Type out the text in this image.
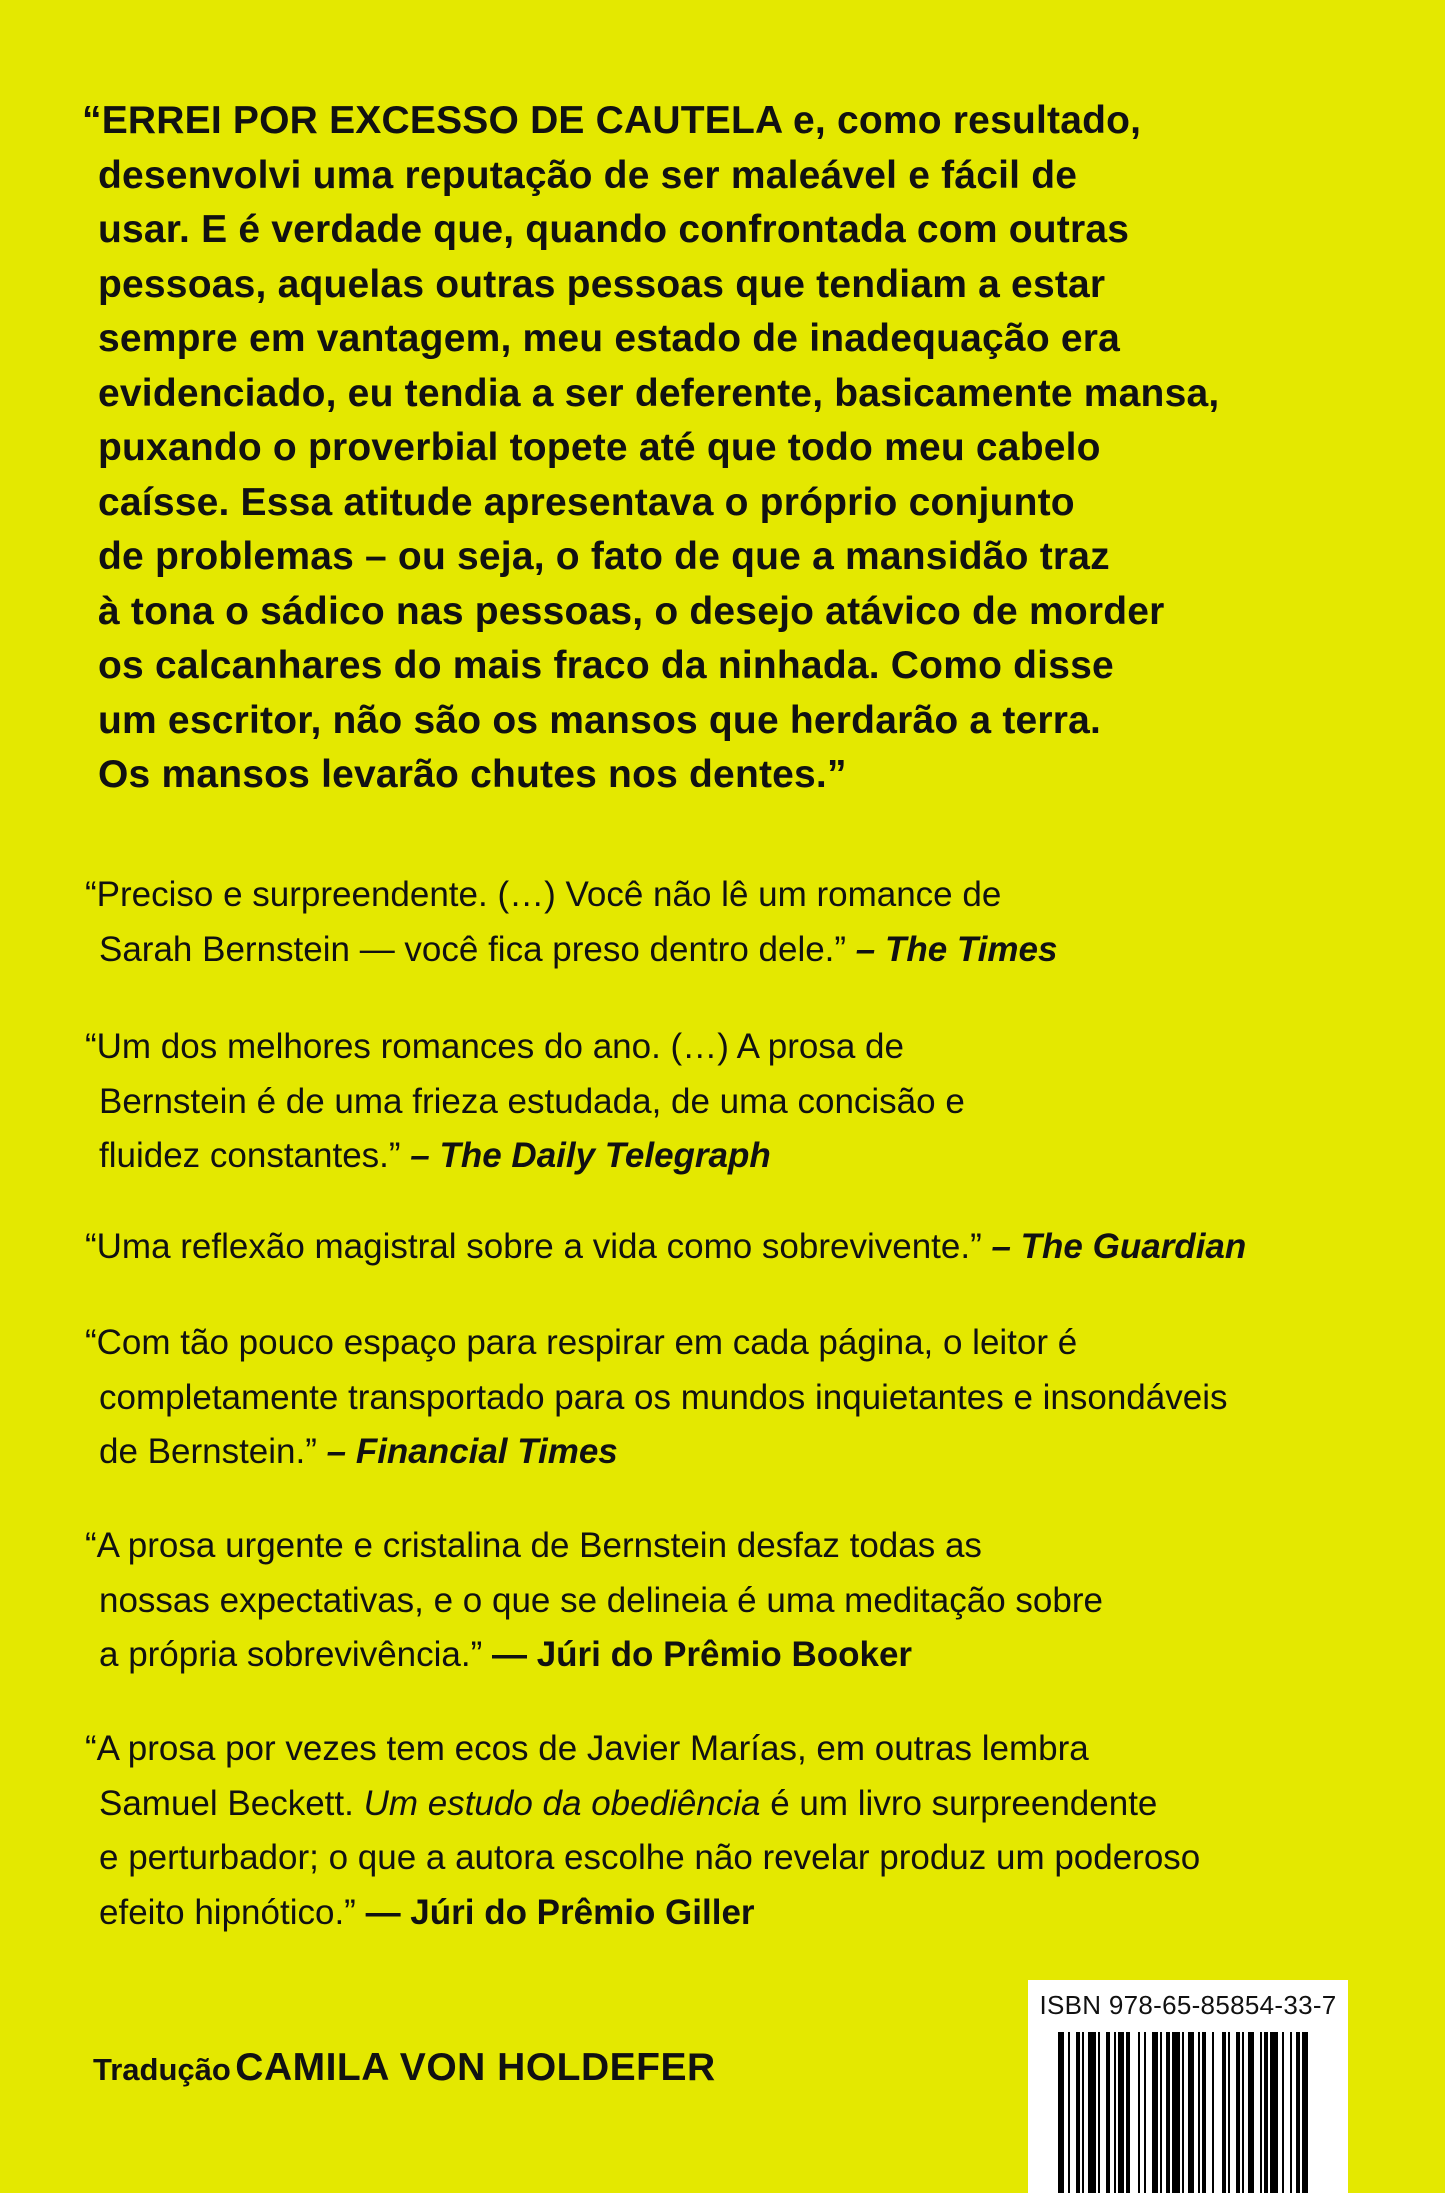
“ERREI POR EXCESSO DE CAUTELA e, como resultado,
desenvolvi uma reputação de ser maleável e fácil de
usar. E é verdade que, quando confrontada com outras
pessoas, aquelas outras pessoas que tendiam a estar
sempre em vantagem, meu estado de inadequação era
evidenciado, eu tendia a ser deferente, basicamente mansa,
puxando o proverbial topete até que todo meu cabelo
caísse. Essa atitude apresentava o próprio conjunto
de problemas – ou seja, o fato de que a mansidão traz
à tona o sádico nas pessoas, o desejo atávico de morder
os calcanhares do mais fraco da ninhada. Como disse
um escritor, não são os mansos que herdarão a terra.
Os mansos levarão chutes nos dentes.”
“Preciso e surpreendente. (…) Você não lê um romance de
Sarah Bernstein — você fica preso dentro dele.” – The Times
“Um dos melhores romances do ano. (…) A prosa de
Bernstein é de uma frieza estudada, de uma concisão e
fluidez constantes.” – The Daily Telegraph
“Uma reflexão magistral sobre a vida como sobrevivente.” – The Guardian
“Com tão pouco espaço para respirar em cada página, o leitor é
completamente transportado para os mundos inquietantes e insondáveis
de Bernstein.” – Financial Times
“A prosa urgente e cristalina de Bernstein desfaz todas as
nossas expectativas, e o que se delineia é uma meditação sobre
a própria sobrevivência.” — Júri do Prêmio Booker
“A prosa por vezes tem ecos de Javier Marías, em outras lembra
Samuel Beckett. Um estudo da obediência é um livro surpreendente
e perturbador; o que a autora escolhe não revelar produz um poderoso
efeito hipnótico.” — Júri do Prêmio Giller
Tradução CAMILA VON HOLDEFER
ISBN 978-65-85854-33-7
